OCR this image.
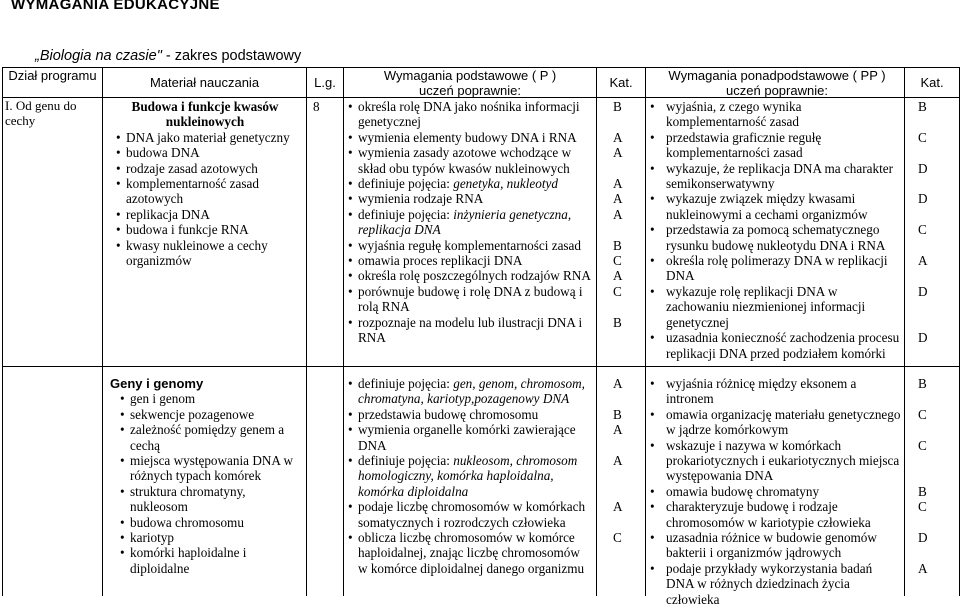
WYMAGANIA EDUKACYJNE
„Biologia na czasie" - zakres podstawowy
Dział programu	Materiał nauczania	L.g.	Wymagania podstawowe ( P ) uczeń poprawnie:
Kat.	Wymagania ponadpodstawowe ( PP ) uczeń poprawnie:
Kat.
I. Od genu do cechy
Budowa i funkcje kwasów nukleinowych
• DNA jako materiał genetyczny
• budowa DNA
• rodzaje zasad azotowych
• komplementarność zasad azotowych
• replikacja DNA
• budowa i funkcje RNA
• kwasy nukleinowe a cechy organizmów
8
•	określa rolę DNA jako nośnika informacji genetycznej
• wymienia elementy budowy DNA i RNA
• wymienia zasady azotowe wchodzące w skład obu typów kwasów nukleinowych
• definiuje pojęcia: genetyka, nukleotyd
• wymienia rodzaje RNA
• definiuje pojęcia: inżynieria genetyczna, replikacja DNA
• wyjaśnia regułę komplementarności zasad
• omawia proces replikacji DNA
• określa rolę poszczególnych rodzajów RNA
• porównuje budowę i rolę DNA z budową i rolą RNA
• rozpoznaje na modelu lub ilustracji DNA i RNA
• wyjaśnia, z czego wynika komplementarność zasad
• przedstawia graficznie regułę komplementarności zasad
• wykazuje, że replikacja DNA ma charakter semikonserwatywny
• wykazuje związek między kwasami nukleinowymi a cechami organizmów
• przedstawia za pomocą schematycznego rysunku budowę nukleotydu DNA i RNA
• określa rolę polimerazy DNA w replikacji DNA
• wykazuje rolę replikacji DNA w zachowaniu niezmienionej informacji genetycznej
• uzasadnia konieczność zachodzenia procesu replikacji DNA przed podziałem komórki
Geny i genomy
• gen i genom
• sekwencje pozagenowe
• zależność pomiędzy genem a cechą
• miejsca występowania DNA w różnych typach komórek
• struktura chromatyny, nukleosom
• budowa chromosomu
• kariotyp
• komórki haploidalne i diploidalne
• definiuje pojęcia: gen, genom, chromosom, chromatyna, kariotyp,pozagenowy DNA
• przedstawia budowę chromosomu
• wymienia organelle komórki zawierające DNA
• definiuje pojęcia: nukleosom, chromosom homologiczny, komórka haploidalna, komórka diploidalna
• podaje liczbę chromosomów w komórkach somatycznych i rozrodczych człowieka
• oblicza liczbę chromosomów w komórce haploidalnej, znając liczbę chromosomów w komórce diploidalnej danego organizmu
• wyjaśnia różnicę między eksonem a intronem
• omawia organizację materiału genetycznego w jądrze komórkowym
• wskazuje i nazywa w komórkach prokariotycznych i eukariotycznych miejsca występowania DNA
• omawia budowę chromatyny
• charakteryzuje budowę i rodzaje chromosomów w kariotypie człowieka
• uzasadnia różnice w budowie genomów bakterii i organizmów jądrowych
• podaje przykłady wykorzystania badań DNA w różnych dziedzinach życia człowieka
B
A
A
A
A
A
B
C
A
C
B
B
C
D
D
C
A
D
D
A
B
A
A
A
C
B
C
C
B
C
D
A
